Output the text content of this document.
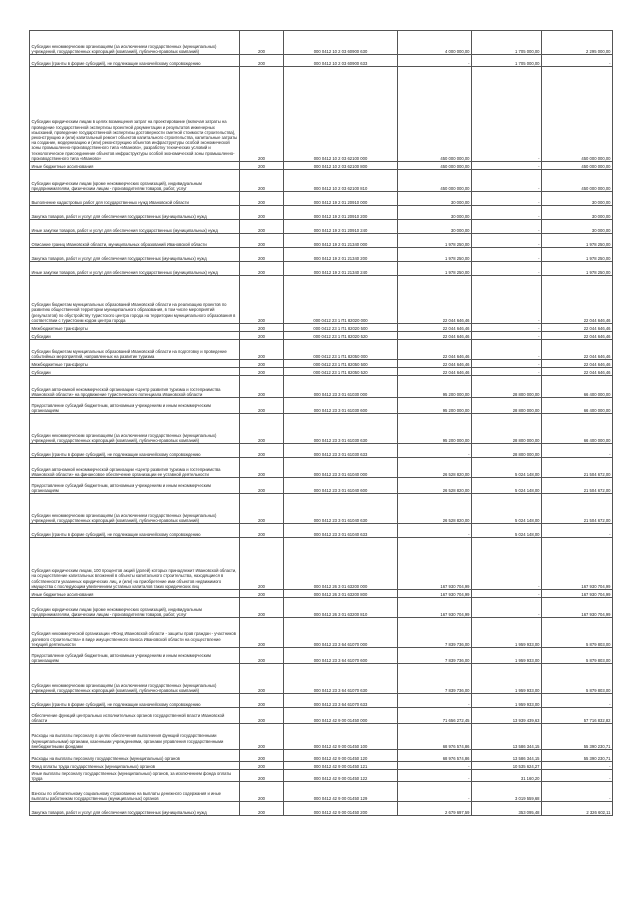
Субсидии некоммерческим организациям (за исключением государственных (муниципальных) учреждений, государственных корпораций (компаний), публично-правовых компаний)	200	000 0412 10 2 03 60900 630	4 000 000,00	1 705 000,00	2 295 000,00
Субсидии (гранты в форме субсидий), не подлежащие казначейскому сопровождению	200	000 0412 10 2 03 60900 633	-	1 705 000,00	-
Субсидии юридическим лицам в целях возмещения затрат на проектирование (включая затраты на проведение государственной экспертизы проектной документации и результатов инженерных изысканий, проведение государственной экспертизы достоверности сметной стоимости строительства), реконструкцию и (или) капитальный ремонт объектов капитального строительства, капитальные затраты на создание, модернизацию и (или) реконструкцию объектов инфраструктуры особой экономической зоны промышленно-производственного типа «Иваново», разработку технических условий и технологическое присоединение объектов инфраструктуры особой экономической зоны промышленно-производственного типа «Иваново»	200	000 0412 10 2 03 62100 000	450 000 000,00	-	450 000 000,00
Иные бюджетные ассигнования	200	000 0412 10 2 03 62100 800	450 000 000,00	-	450 000 000,00
Субсидии юридическим лицам (кроме некоммерческих организаций), индивидуальным предпринимателям, физическим лицам - производителям товаров, работ, услуг	200	000 0412 10 2 03 62100 810	450 000 000,00	-	450 000 000,00
Выполнение кадастровых работ для государственных нужд Ивановской области	200	000 0412 19 2 01 20910 000	30 000,00	-	30 000,00
Закупка товаров, работ и услуг для обеспечения государственных (муниципальных) нужд	200	000 0412 19 2 01 20910 200	30 000,00	-	30 000,00
Иные закупки товаров, работ и услуг для обеспечения государственных (муниципальных) нужд	200	000 0412 19 2 01 20910 240	30 000,00	-	30 000,00
Описание границ Ивановской области, муниципальных образований Ивановской области	200	000 0412 19 2 01 21340 000	1 978 250,00	-	1 978 250,00
Закупка товаров, работ и услуг для обеспечения государственных (муниципальных) нужд	200	000 0412 19 2 01 21340 200	1 978 250,00	-	1 978 250,00
Иные закупки товаров, работ и услуг для обеспечения государственных (муниципальных) нужд	200	000 0412 19 2 01 21340 240	1 978 250,00	-	1 978 250,00
Субсидии бюджетам муниципальных образований Ивановской области на реализацию проектов по развитию общественной территории муниципального образования, в том числе мероприятий (результатов) по обустройству туристского центра города на территории муниципального образования в соответствии с туристским кодом центра города	200	000 0412 23 1 П1 82020 000	22 044 646,46	-	22 044 646,46
Межбюджетные трансферты	200	000 0412 23 1 П1 82020 500	22 044 646,46	-	22 044 646,46
Субсидии	200	000 0412 23 1 П1 82020 520	22 044 646,46	-	22 044 646,46
Субсидии бюджетам муниципальных образований Ивановской области на подготовку и проведение событийных мероприятий, направленных на развитие туризма	200	000 0412 23 1 П1 82050 000	22 044 646,46	-	22 044 646,46
Межбюджетные трансферты	200	000 0412 23 1 П1 82050 500	22 044 646,46	-	22 044 646,46
Субсидии	200	000 0412 23 1 П1 82050 520	22 044 646,46	-	22 044 646,46
Субсидия автономной некоммерческой организации «Центр развития туризма и гостеприимства Ивановской области» на продвижение туристического потенциала Ивановской области	200	000 0412 23 3 01 61030 000	95 200 000,00	28 800 000,00	66 400 000,00
Предоставление субсидий бюджетным, автономным учреждениям и иным некоммерческим организациям	200	000 0412 23 3 01 61030 600	95 200 000,00	28 800 000,00	66 400 000,00
Субсидии некоммерческим организациям (за исключением государственных (муниципальных) учреждений, государственных корпораций (компаний), публично-правовых компаний)	200	000 0412 23 3 01 61030 630	95 200 000,00	28 800 000,00	66 400 000,00
Субсидии (гранты в форме субсидий), не подлежащие казначейскому сопровождению	200	000 0412 23 3 01 61030 633	-	28 800 000,00	-
Субсидия автономной некоммерческой организации «Центр развития туризма и гостеприимства Ивановской области» на финансовое обеспечение организации ее уставной деятельности	200	000 0412 23 3 01 61040 000	26 528 820,00	5 024 148,00	21 504 672,00
Предоставление субсидий бюджетным, автономным учреждениям и иным некоммерческим организациям	200	000 0412 23 3 01 61040 600	26 528 820,00	5 024 148,00	21 504 672,00
Субсидии некоммерческим организациям (за исключением государственных (муниципальных) учреждений, государственных корпораций (компаний), публично-правовых компаний)	200	000 0412 23 3 01 61040 630	26 528 820,00	5 024 148,00	21 504 672,00
Субсидии (гранты в форме субсидий), не подлежащие казначейскому сопровождению	200	000 0412 23 3 01 61040 633	-	5 024 148,00	-
Субсидия юридическим лицам, 100 процентов акций (долей) которых принадлежит Ивановской области, на осуществление капитальных вложений в объекты капитального строительства, находящиеся в собственности указанных юридических лиц, и (или) на приобретение ими объектов недвижимого имущества с последующим увеличением уставных капиталов таких юридических лиц	200	000 0412 26 3 01 63200 000	167 930 704,99	-	167 930 704,99
Иные бюджетные ассигнования	200	000 0412 26 3 01 63200 800	167 930 704,99	-	167 930 704,99
Субсидии юридическим лицам (кроме некоммерческих организаций), индивидуальным предпринимателям, физическим лицам - производителям товаров, работ, услуг	200	000 0412 26 3 01 63200 810	167 930 704,99	-	167 930 704,99
Субсидия некоммерческой организации «Фонд Ивановской области - защиты прав граждан - участников долевого строительства» в виде имущественного взноса Ивановской области на осуществление текущей деятельности	200	000 0412 23 3 64 61070 000	7 839 736,00	1 959 933,00	5 879 803,00
Предоставление субсидий бюджетным, автономным учреждениям и иным некоммерческим организациям	200	000 0412 23 3 64 61070 600	7 839 736,00	1 959 933,00	5 879 803,00
Субсидии некоммерческим организациям (за исключением государственных (муниципальных) учреждений, государственных корпораций (компаний), публично-правовых компаний)	200	000 0412 23 3 64 61070 630	7 839 736,00	1 959 933,00	5 879 803,00
Субсидии (гранты в форме субсидий), не подлежащие казначейскому сопровождению	200	000 0412 23 3 64 61070 633	-	1 959 933,00	-
Обеспечение функций центральных исполнительных органов государственной власти Ивановской области	200	000 0412 42 9 00 01450 000	71 656 272,45	13 939 439,63	57 716 832,82
Расходы на выплаты персоналу в целях обеспечения выполнения функций государственными (муниципальными) органами, казенными учреждениями, органами управления государственными внебюджетными фондами	200	000 0412 42 9 00 01450 100	68 976 574,86	13 586 344,15	55 390 230,71
Расходы на выплаты персоналу государственных (муниципальных) органов	200	000 0412 42 9 00 01450 120	68 976 574,86	13 586 344,15	55 390 230,71
Фонд оплаты труда государственных (муниципальных) органов	200	000 0412 42 9 00 01450 121	-	10 535 624,27	-
Иные выплаты персоналу государственных (муниципальных) органов, за исключением фонда оплаты труда	200	000 0412 42 9 00 01450 122	-	31 160,20	-
Взносы по обязательному социальному страхованию на выплаты денежного содержания и иные выплаты работникам государственных (муниципальных) органов	200	000 0412 42 9 00 01450 129	-	3 019 559,68	-
Закупка товаров, работ и услуг для обеспечения государственных (муниципальных) нужд	200	000 0412 42 9 00 01450 200	2 679 697,59	353 095,48	2 326 602,11
